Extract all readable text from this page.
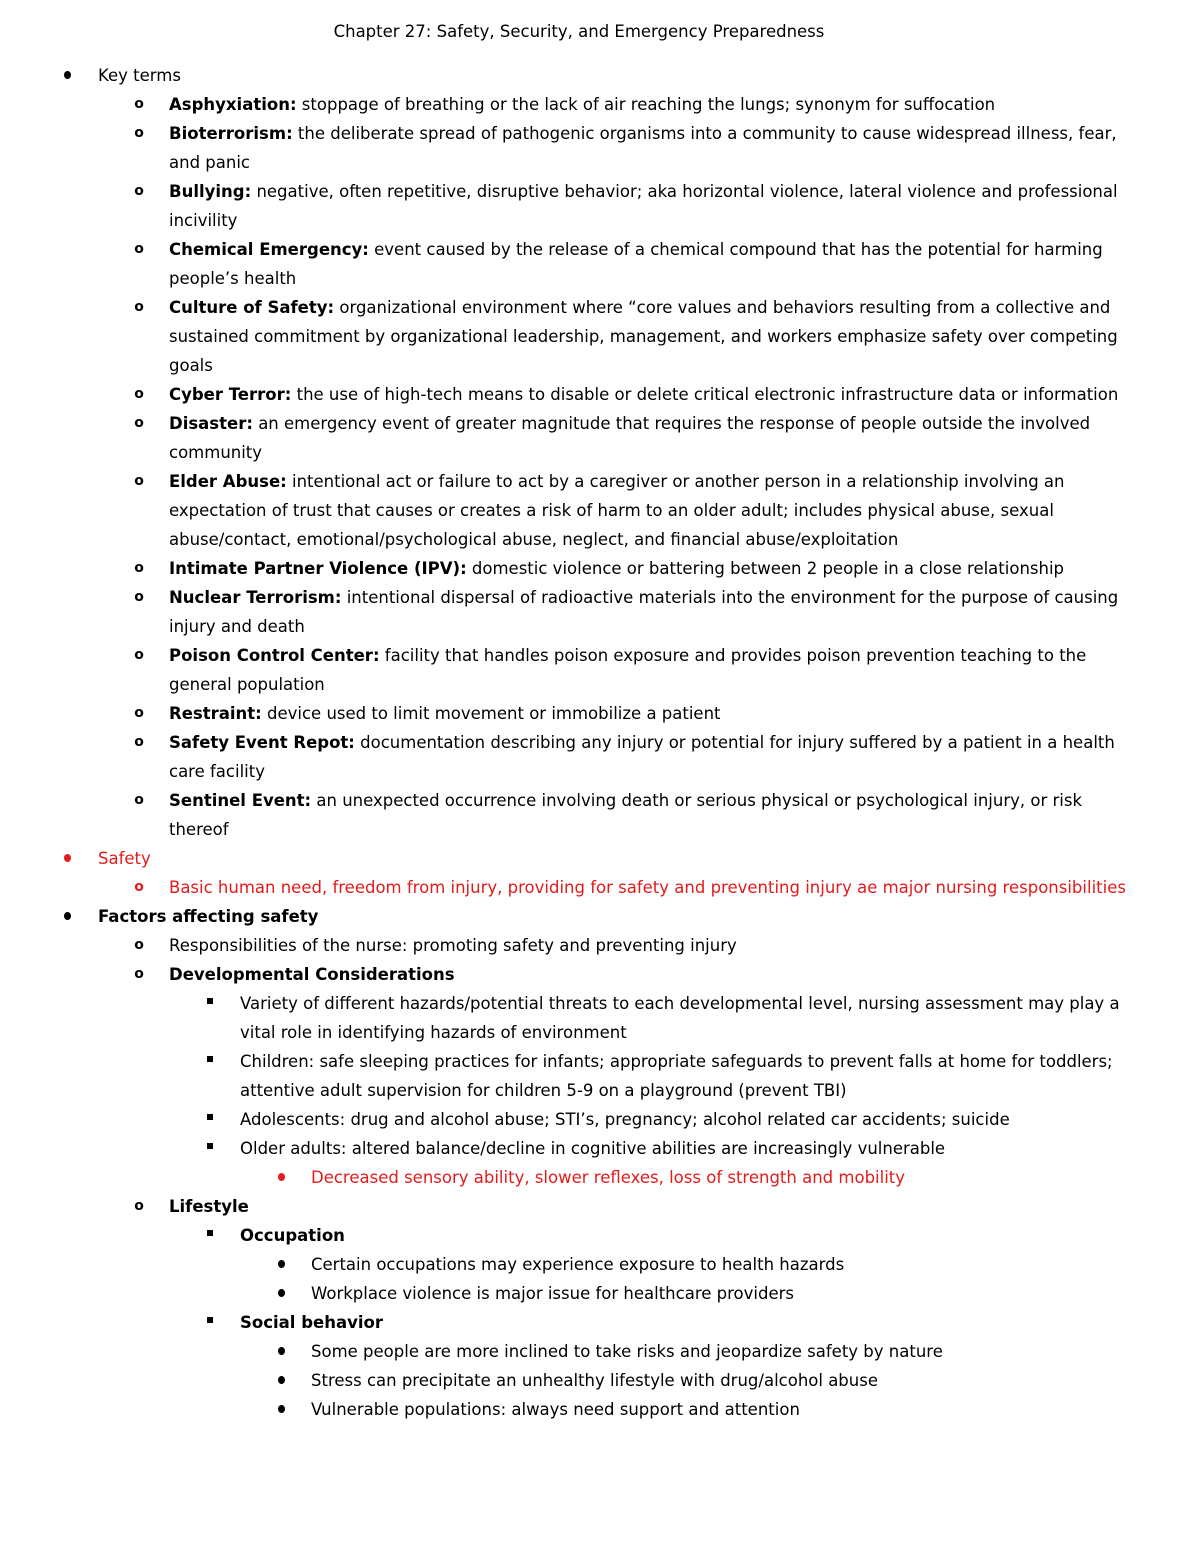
Chapter 27: Safety, Security, and Emergency Preparedness
Key terms
o	Asphyxiation: stoppage of breathing or the lack of air reaching the lungs; synonym for suffocation
o	Bioterrorism: the deliberate spread of pathogenic organisms into a community to cause widespread illness, fear, and panic
o	Bullying: negative, often repetitive, disruptive behavior; aka horizontal violence, lateral violence and professional incivility
o	Chemical Emergency: event caused by the release of a chemical compound that has the potential for harming people’s health
o	Culture of Safety: organizational environment where “core values and behaviors resulting from a collective and sustained commitment by organizational leadership, management, and workers emphasize safety over competing goals
o	Cyber Terror: the use of high-tech means to disable or delete critical electronic infrastructure data or information
o	Disaster: an emergency event of greater magnitude that requires the response of people outside the involved community
o	Elder Abuse: intentional act or failure to act by a caregiver or another person in a relationship involving an expectation of trust that causes or creates a risk of harm to an older adult; includes physical abuse, sexual abuse/contact, emotional/psychological abuse, neglect, and financial abuse/exploitation
o	Intimate Partner Violence (IPV): domestic violence or battering between 2 people in a close relationship
o	Nuclear Terrorism: intentional dispersal of radioactive materials into the environment for the purpose of causing injury and death
o	Poison Control Center: facility that handles poison exposure and provides poison prevention teaching to the general population
o	Restraint: device used to limit movement or immobilize a patient
o	Safety Event Repot: documentation describing any injury or potential for injury suffered by a patient in a health care facility
o	Sentinel Event: an unexpected occurrence involving death or serious physical or psychological injury, or risk thereof
Safety
o	Basic human need, freedom from injury, providing for safety and preventing injury ae major nursing responsibilities
Factors affecting safety
o	Responsibilities of the nurse: promoting safety and preventing injury
o	Developmental Considerations
Variety of different hazards/potential threats to each developmental level, nursing assessment may play a vital role in identifying hazards of environment
Children: safe sleeping practices for infants; appropriate safeguards to prevent falls at home for toddlers; attentive adult supervision for children 5-9 on a playground (prevent TBI)
Adolescents: drug and alcohol abuse; STI’s, pregnancy; alcohol related car accidents; suicide
Older adults: altered balance/decline in cognitive abilities are increasingly vulnerable
Decreased sensory ability, slower reflexes, loss of strength and mobility
o	Lifestyle
Occupation
Certain occupations may experience exposure to health hazards
Workplace violence is major issue for healthcare providers
Social behavior
Some people are more inclined to take risks and jeopardize safety by nature
Stress can precipitate an unhealthy lifestyle with drug/alcohol abuse
Vulnerable populations: always need support and attention
